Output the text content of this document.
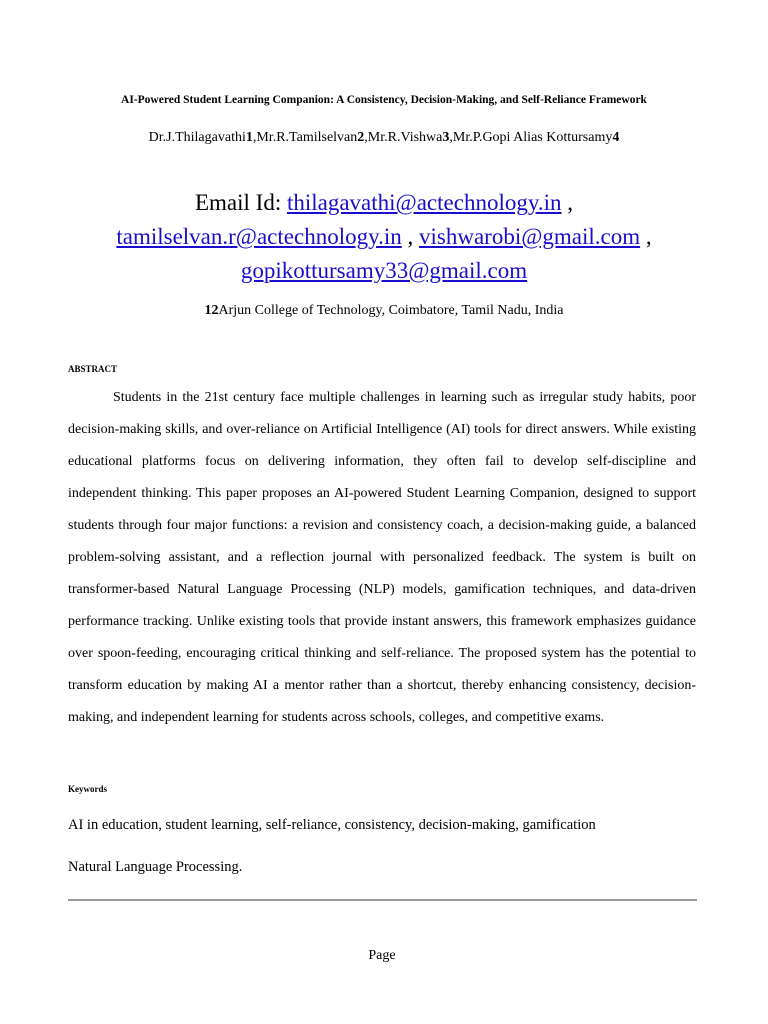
AI-Powered Student Learning Companion: A Consistency, Decision-Making, and Self-Reliance Framework
Dr.J.Thilagavathi1,Mr.R.Tamilselvan2,Mr.R.Vishwa3,Mr.P.Gopi Alias Kottursamy4
Email Id: thilagavathi@actechnology.in ,
tamilselvan.r@actechnology.in , vishwarobi@gmail.com ,
gopikottursamy33@gmail.com
12Arjun College of Technology, Coimbatore, Tamil Nadu, India
ABSTRACT

Students in the 21st century face multiple challenges in learning such as irregular study habits, poor decision-making skills, and over-reliance on Artificial Intelligence (AI) tools for direct answers. While existing educational platforms focus on delivering information, they often fail to develop self-discipline and independent thinking. This paper proposes an AI-powered Student Learning Companion, designed to support students through four major functions: a revision and consistency coach, a decision-making guide, a balanced problem-solving assistant, and a reflection journal with personalized feedback. The system is built on transformer-based Natural Language Processing (NLP) models, gamification techniques, and data-driven performance tracking. Unlike existing tools that provide instant answers, this framework emphasizes guidance over spoon-feeding, encouraging critical thinking and self-reliance. The proposed system has the potential to transform education by making AI a mentor rather than a shortcut, thereby enhancing consistency, decision-making, and independent learning for students across schools, colleges, and competitive exams.

Keywords
AI in education, student learning, self-reliance, consistency, decision-making, gamification
Natural Language Processing.
Page
